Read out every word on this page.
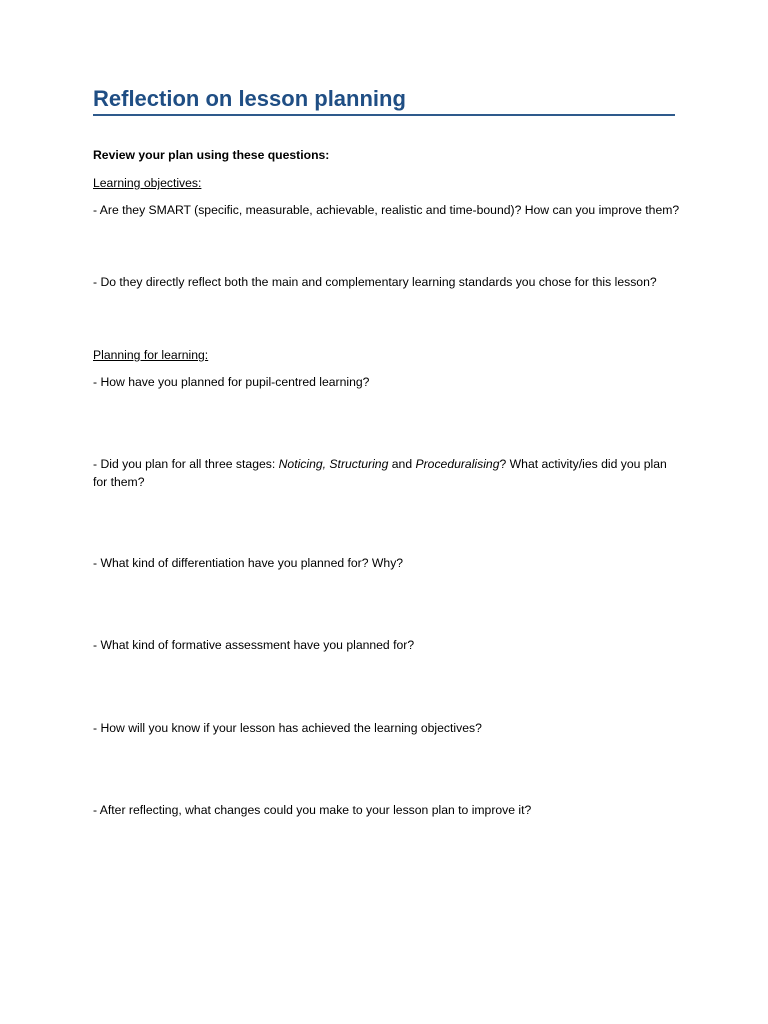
Reflection on lesson planning

Review your plan using these questions:

Learning objectives:

- Are they SMART (specific, measurable, achievable, realistic and time-bound)? How can you improve them?

- Do they directly reflect both the main and complementary learning standards you chose for this lesson?

Planning for learning:

- How have you planned for pupil-centred learning?

- Did you plan for all three stages: Noticing, Structuring and Proceduralising? What activity/ies did you plan for them?

- What kind of differentiation have you planned for? Why?

- What kind of formative assessment have you planned for?

- How will you know if your lesson has achieved the learning objectives?

- After reflecting, what changes could you make to your lesson plan to improve it?
